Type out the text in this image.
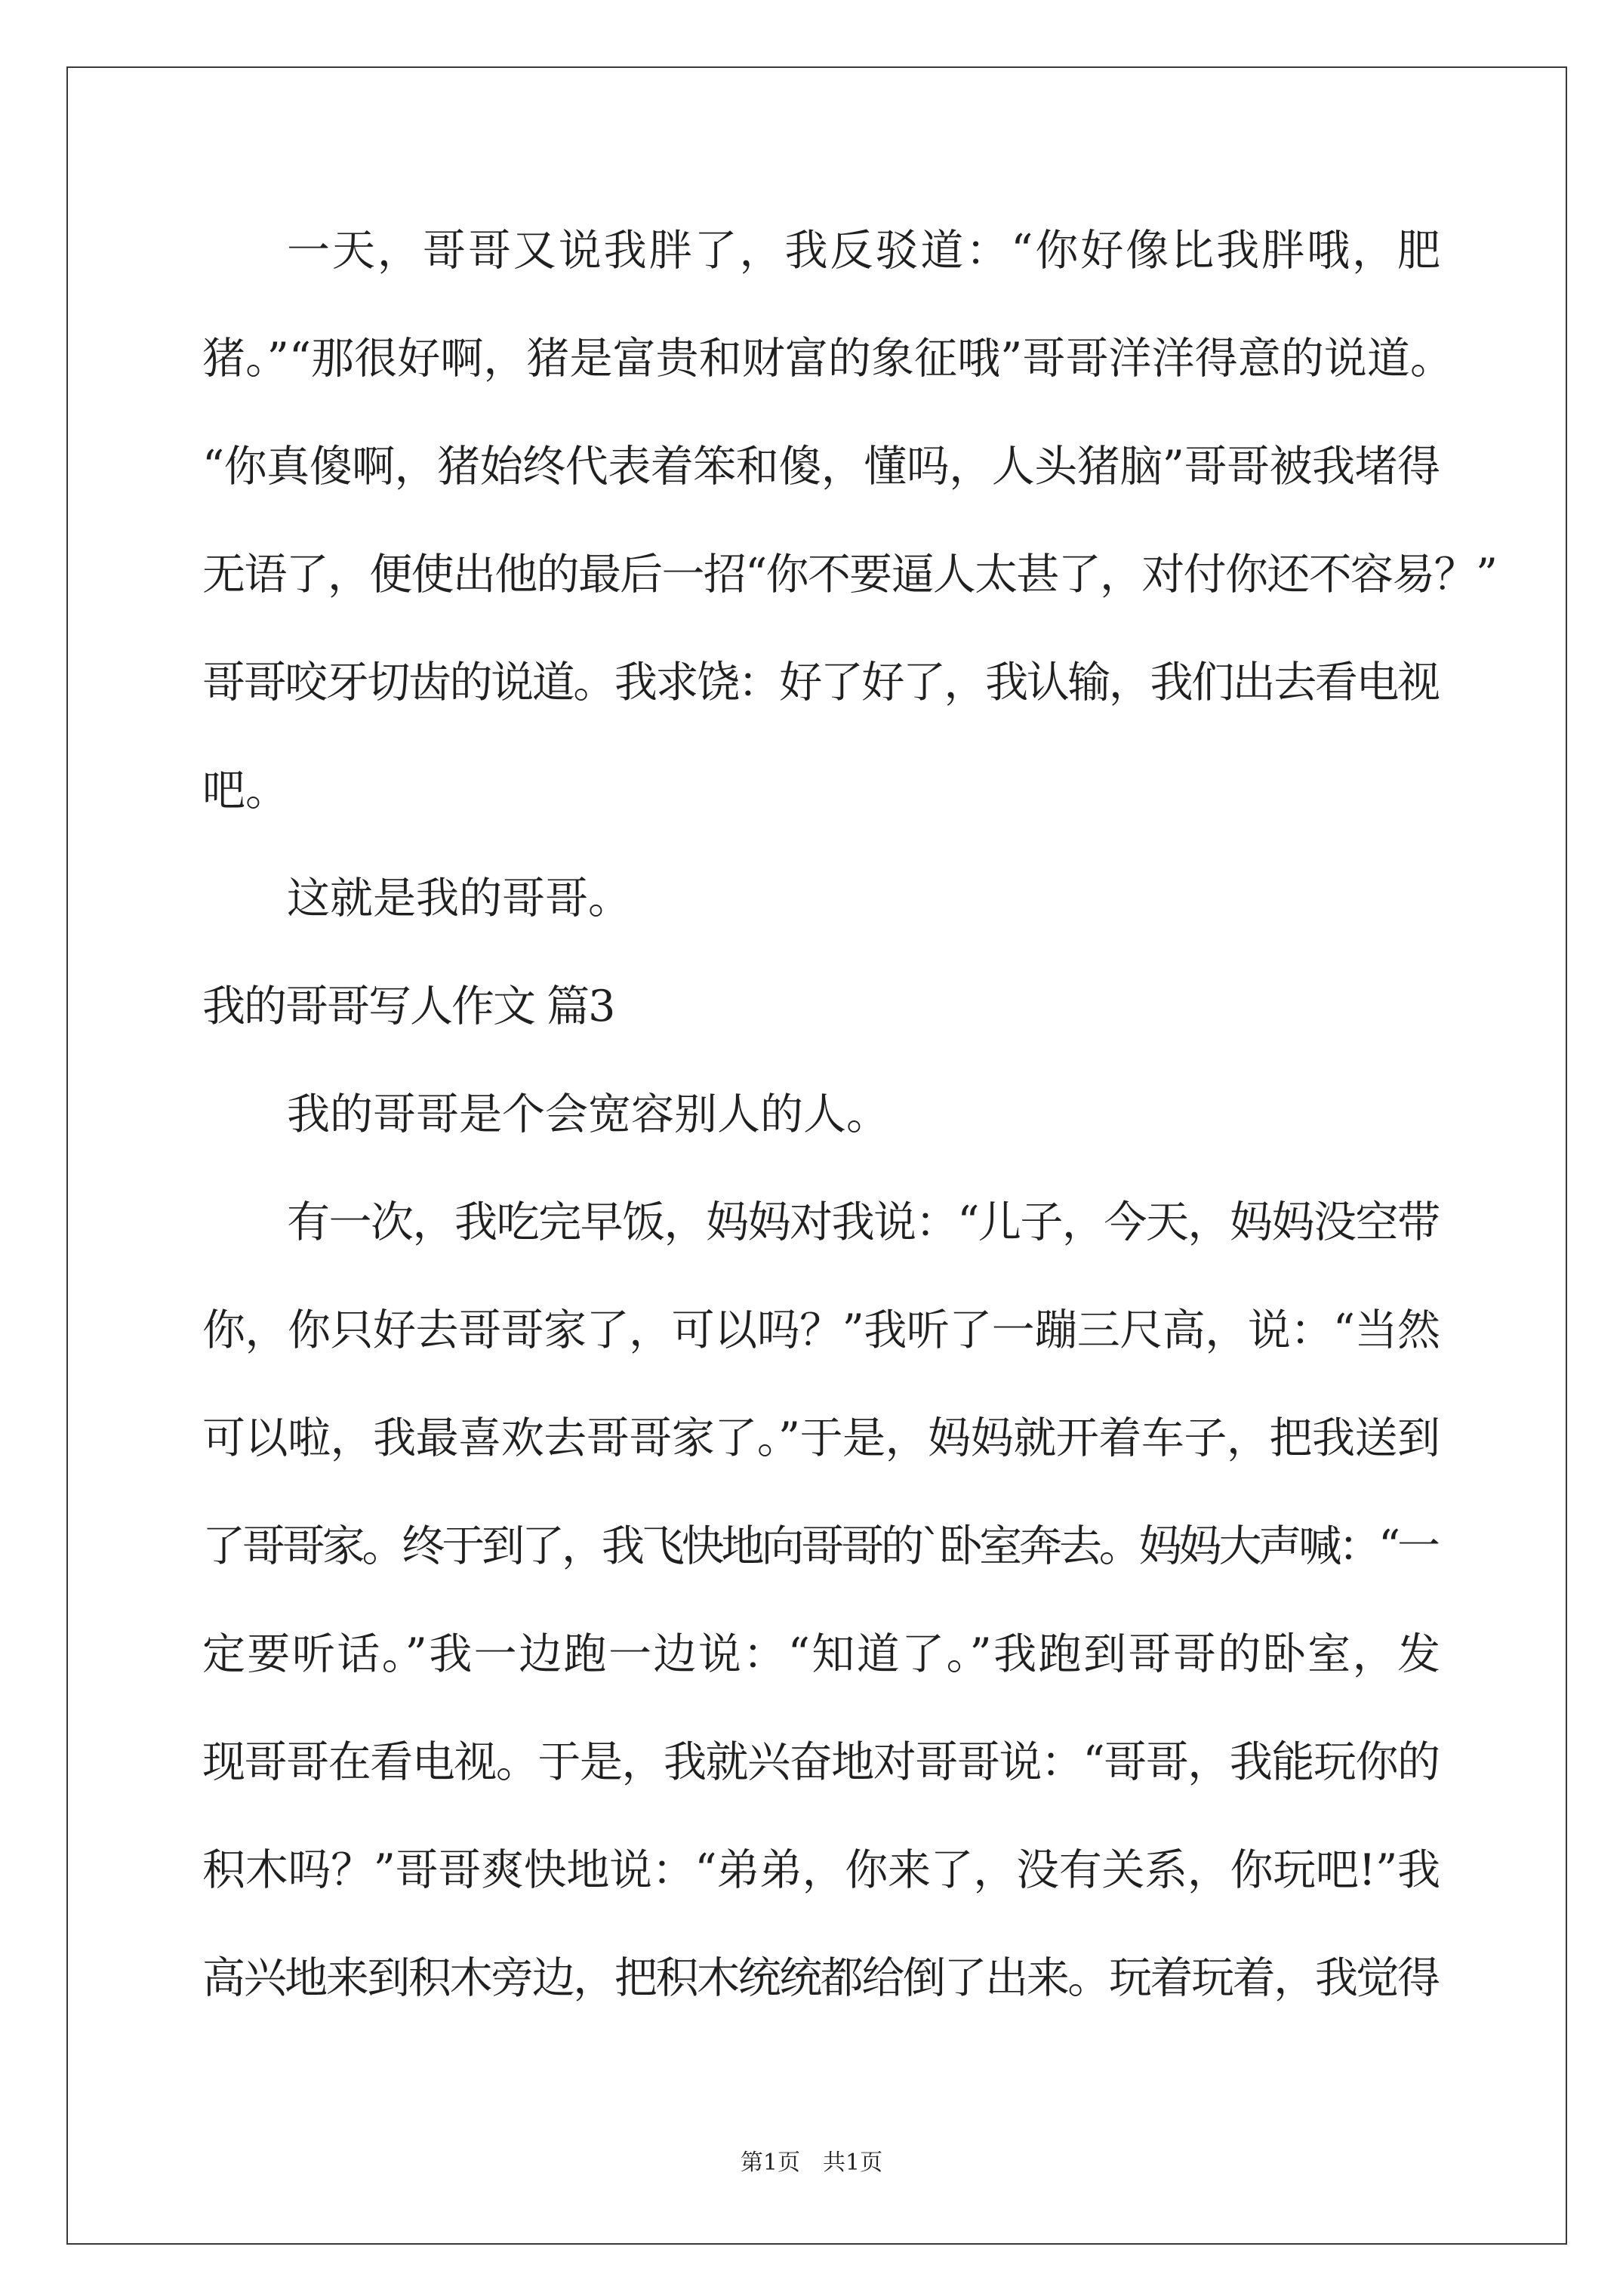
一天，哥哥又说我胖了，我反驳道：“你好像比我胖哦，肥
猪。”“那很好啊，猪是富贵和财富的象征哦”哥哥洋洋得意的说道。
“你真傻啊，猪始终代表着笨和傻，懂吗，人头猪脑”哥哥被我堵得
无语了，便使出他的最后一招“你不要逼人太甚了，对付你还不容易？”
哥哥咬牙切齿的说道。我求饶：好了好了，我认输，我们出去看电视
吧。
这就是我的哥哥。
我的哥哥写人作文 篇3
我的哥哥是个会宽容别人的人。
有一次，我吃完早饭，妈妈对我说：“儿子，今天，妈妈没空带
你，你只好去哥哥家了，可以吗？”我听了一蹦三尺高，说：“当然
可以啦，我最喜欢去哥哥家了。”于是，妈妈就开着车子，把我送到
了哥哥家。终于到了，我飞快地向哥哥的`卧室奔去。妈妈大声喊：“一
定要听话。”我一边跑一边说：“知道了。”我跑到哥哥的卧室，发
现哥哥在看电视。于是，我就兴奋地对哥哥说：“哥哥，我能玩你的
积木吗？”哥哥爽快地说：“弟弟，你来了，没有关系，你玩吧!”我
高兴地来到积木旁边，把积木统统都给倒了出来。玩着玩着，我觉得
第1页 共1页
